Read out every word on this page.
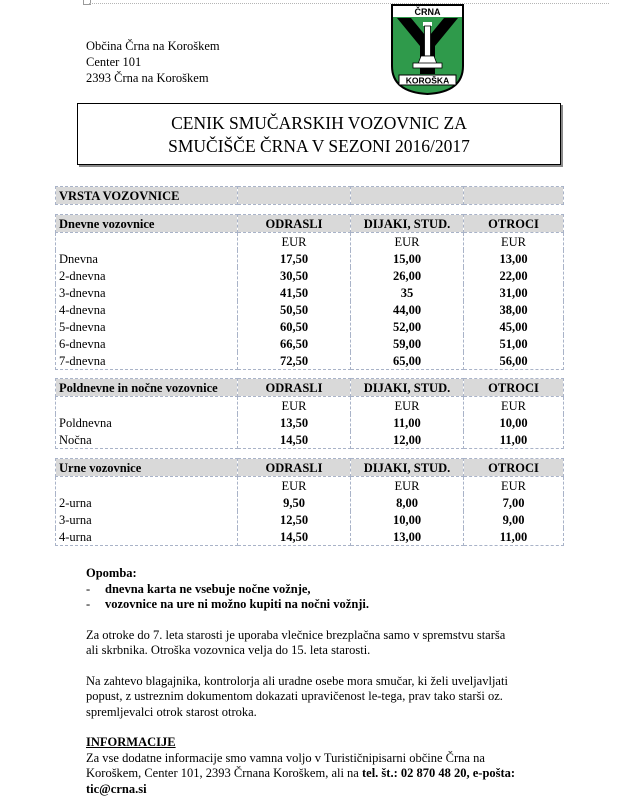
Občina Črna na Koroškem
Center 101
2393 Črna na Koroškem
ČRNA
KOROŠKA
CENIK SMUČARSKIH VOZOVNIC ZA
SMUČIŠČE ČRNA V SEZONI 2016/2017
VRSTA VOZOVNICE			
Dnevne vozovnice	ODRASLI	DIJAKI, STUD.	OTROCI
	EUR	EUR	EUR
Dnevna	17,50	15,00	13,00
2-dnevna	30,50	26,00	22,00
3-dnevna	41,50	35	31,00
4-dnevna	50,50	44,00	38,00
5-dnevna	60,50	52,00	45,00
6-dnevna	66,50	59,00	51,00
7-dnevna	72,50	65,00	56,00
Poldnevne in nočne vozovnice	ODRASLI	DIJAKI, STUD.	OTROCI
	EUR	EUR	EUR
Poldnevna	13,50	11,00	10,00
Nočna	14,50	12,00	11,00
Urne vozovnice	ODRASLI	DIJAKI, STUD.	OTROCI
	EUR	EUR	EUR
2-urna	9,50	8,00	7,00
3-urna	12,50	10,00	9,00
4-urna	14,50	13,00	11,00

Opomba:

-	dnevna karta ne vsebuje nočne vožnje,
-	vozovnice na ure ni možno kupiti na nočni vožnji.

Za otroke do 7. leta starosti je uporaba vlečnice brezplačna samo v spremstvu starša

ali skrbnika. Otroška vozovnica velja do 15. leta starosti.

Na zahtevo blagajnika, kontrolorja ali uradne osebe mora smučar, ki želi uveljavljati

popust, z ustreznim dokumentom dokazati upravičenost le-tega, prav tako starši oz.

spremljevalci otrok starost otroka.

INFORMACIJE

Za vse dodatne informacije smo vamna voljo v Turističnipisarni občine Črna na

Koroškem, Center 101, 2393 Črnana Koroškem, ali na tel. št.: 02 870 48 20, e-pošta:

tic@crna.si
